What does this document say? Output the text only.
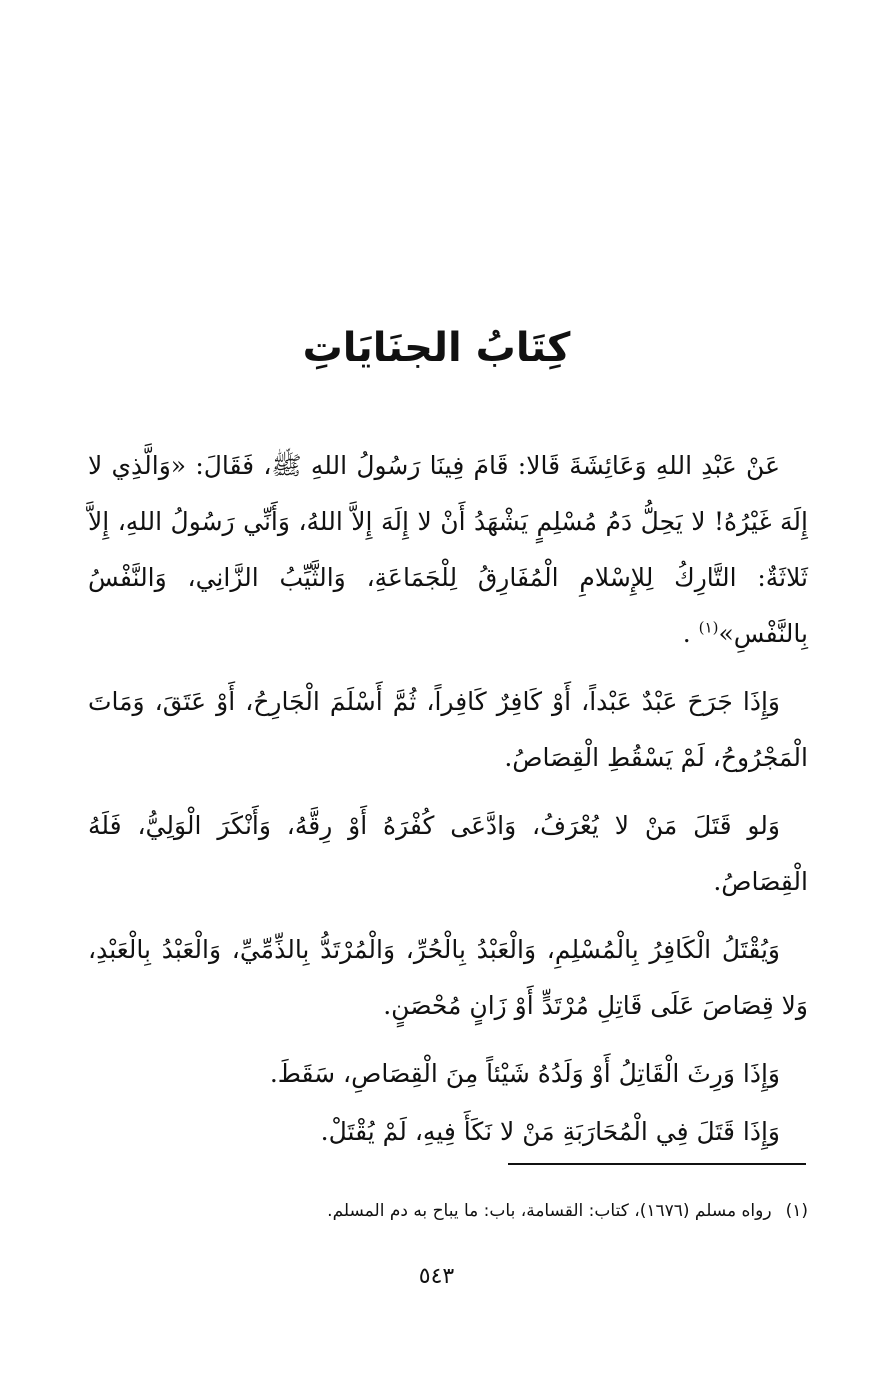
كِتَابُ الجنَايَاتِ

عَنْ عَبْدِ اللهِ وَعَائِشَةَ قَالا: قَامَ فِينَا رَسُولُ اللهِ ﷺ، فَقَالَ: «وَالَّذِي لا إِلَهَ غَيْرُهُ! لا يَحِلُّ دَمُ مُسْلِمٍ يَشْهَدُ أَنْ لا إِلَهَ إِلاَّ اللهُ، وَأَنِّي رَسُولُ اللهِ، إِلاَّ ثَلاثَةٌ: التَّارِكُ لِلإِسْلامِ الْمُفَارِقُ لِلْجَمَاعَةِ، وَالثَّيِّبُ الزَّانِي، وَالنَّفْسُ بِالنَّفْسِ»$^{(١)}$ .

وَإِذَا جَرَحَ عَبْدٌ عَبْداً، أَوْ كَافِرٌ كَافِراً، ثُمَّ أَسْلَمَ الْجَارِحُ، أَوْ عَتَقَ، وَمَاتَ الْمَجْرُوحُ، لَمْ يَسْقُطِ الْقِصَاصُ.

وَلو قَتَلَ مَنْ لا يُعْرَفُ، وَادَّعَى كُفْرَهُ أَوْ رِقَّهُ، وَأَنْكَرَ الْوَلِيُّ، فَلَهُ الْقِصَاصُ.

وَيُقْتَلُ الْكَافِرُ بِالْمُسْلِمِ، وَالْعَبْدُ بِالْحُرِّ، وَالْمُرْتَدُّ بِالذِّمِّيِّ، وَالْعَبْدُ بِالْعَبْدِ، وَلا قِصَاصَ عَلَى قَاتِلِ مُرْتَدٍّ أَوْ زَانٍ مُحْصَنٍ.

وَإِذَا وَرِثَ الْقَاتِلُ أَوْ وَلَدُهُ شَيْئاً مِنَ الْقِصَاصِ، سَقَطَ.

وَإِذَا قَتَلَ فِي الْمُحَارَبَةِ مَنْ لا نَكَأَ فِيهِ، لَمْ يُقْتَلْ.

(١)رواه مسلم (١٦٧٦)، كتاب: القسامة، باب: ما يباح به دم المسلم.
٥٤٣
